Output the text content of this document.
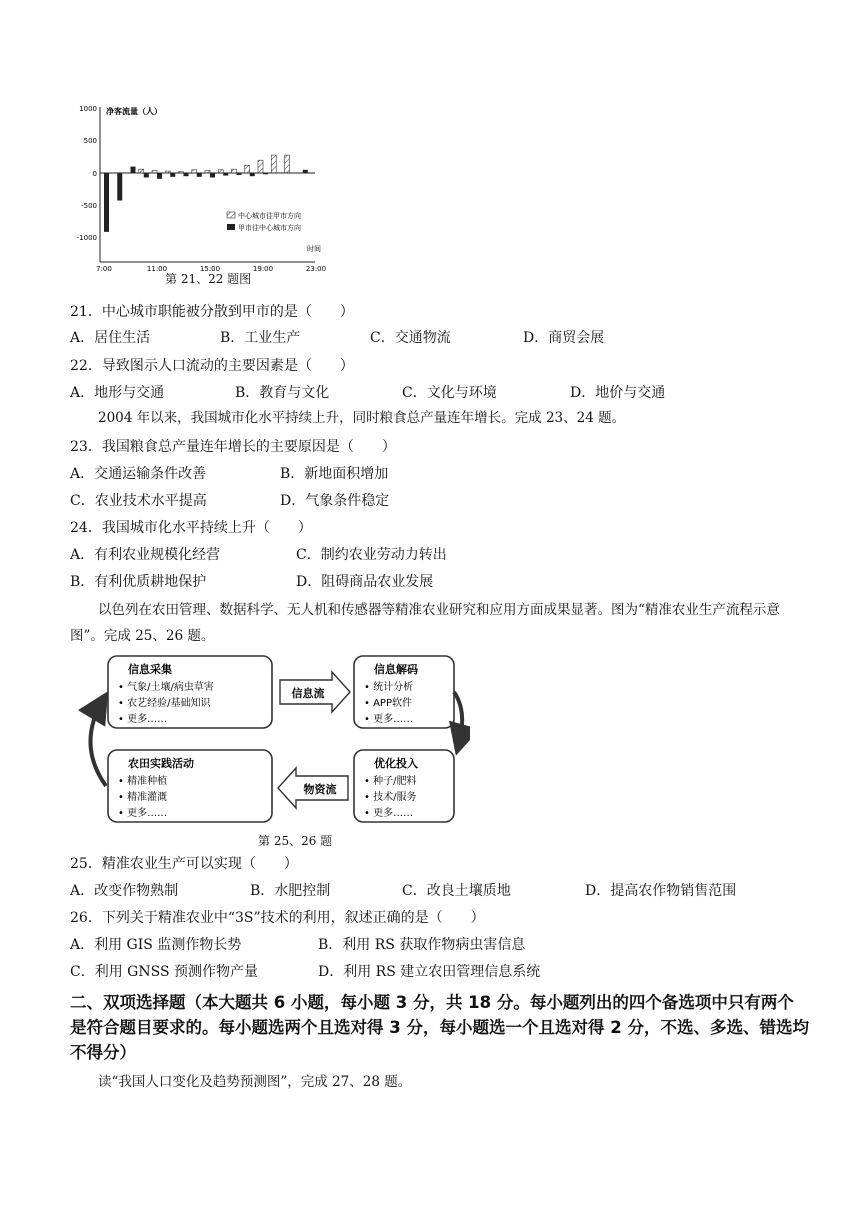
净客流量（人）
1000
500
0
-500
-1000
7:00	11:00	15:00	19:00	23:00
时间
中心城市往甲市方向
甲市往中心城市方向
第 21、22 题图
21．中心城市职能被分散到甲市的是（　　）
A．居住生活	B．工业生产	C．交通物流	D．商贸会展
22．导致图示人口流动的主要因素是（　　）
A．地形与交通	B．教育与文化	C．文化与环境	D．地价与交通
2004 年以来，我国城市化水平持续上升，同时粮食总产量连年增长。完成 23、24 题。
23．我国粮食总产量连年增长的主要原因是（　　）
A．交通运输条件改善	B．新地面积增加
C．农业技术水平提高	D．气象条件稳定
24．我国城市化水平持续上升（　　）
A．有利农业规模化经营	C．制约农业劳动力转出
B．有利优质耕地保护	D．阻碍商品农业发展
以色列在农田管理、数据科学、无人机和传感器等精准农业研究和应用方面成果显著。图为“精准农业生产流程示意图”。完成 25、26 题。
信息采集
• 气象/土壤/病虫草害
• 农艺经验/基础知识
• 更多……
信息解码
• 统计分析
• APP软件
• 更多……
优化投入
• 种子/肥料
• 技术/服务
• 更多……
农田实践活动
• 精准种植
• 精准灌溉
• 更多……
信息流
物资流
第 25、26 题
25．精准农业生产可以实现（　　）
A．改变作物熟制	B．水肥控制	C．改良土壤质地	D．提高农作物销售范围
26．下列关于精准农业中“3S”技术的利用，叙述正确的是（　　）
A．利用 GIS 监测作物长势	B．利用 RS 获取作物病虫害信息
C．利用 GNSS 预测作物产量	D．利用 RS 建立农田管理信息系统
二、双项选择题（本大题共 6 小题，每小题 3 分，共 18 分。每小题列出的四个备选项中只有两个是符合题目要求的。每小题选两个且选对得 3 分，每小题选一个且选对得 2 分，不选、多选、错选均不得分）
读“我国人口变化及趋势预测图”，完成 27、28 题。
